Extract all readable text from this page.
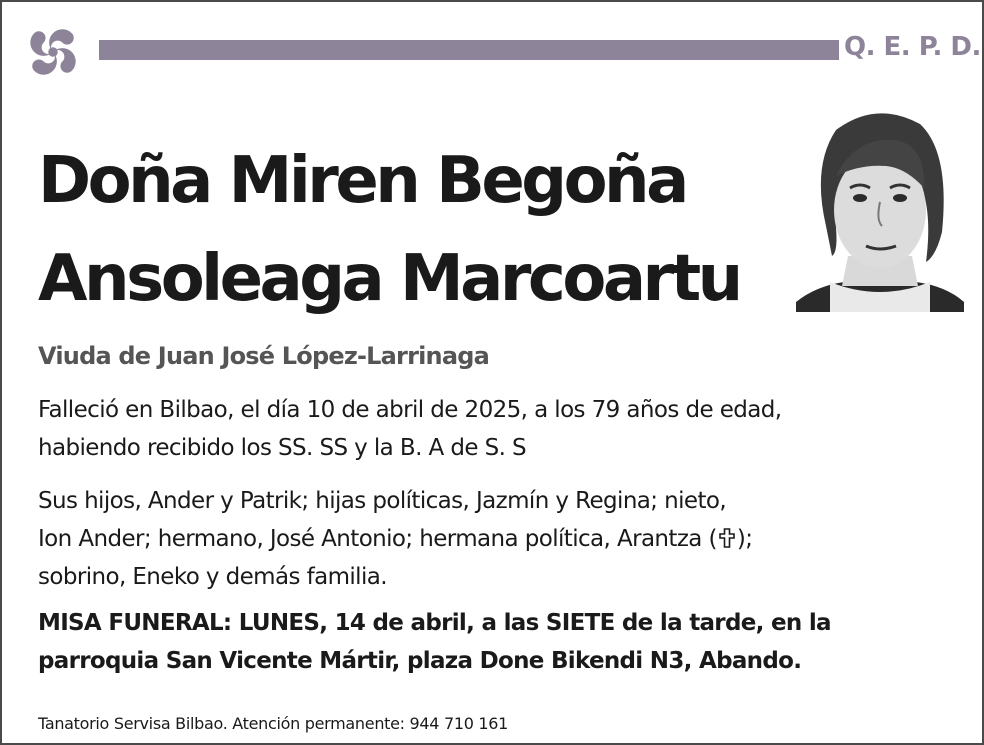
Q. E. P. D.
Doña Miren Begoña
Ansoleaga Marcoartu
Viuda de Juan José López-Larrinaga
Falleció en Bilbao, el día 10 de abril de 2025, a los 79 años de edad,
habiendo recibido los SS. SS y la B. A de S. S
Sus hijos, Ander y Patrik; hijas políticas, Jazmín y Regina; nieto,
Ion Ander; hermano, José Antonio; hermana política, Arantza ( );
sobrino, Eneko y demás familia.
MISA FUNERAL: LUNES, 14 de abril, a las SIETE de la tarde, en la
parroquia San Vicente Mártir, plaza Done Bikendi N3, Abando.
Tanatorio Servisa Bilbao. Atención permanente: 944 710 161
